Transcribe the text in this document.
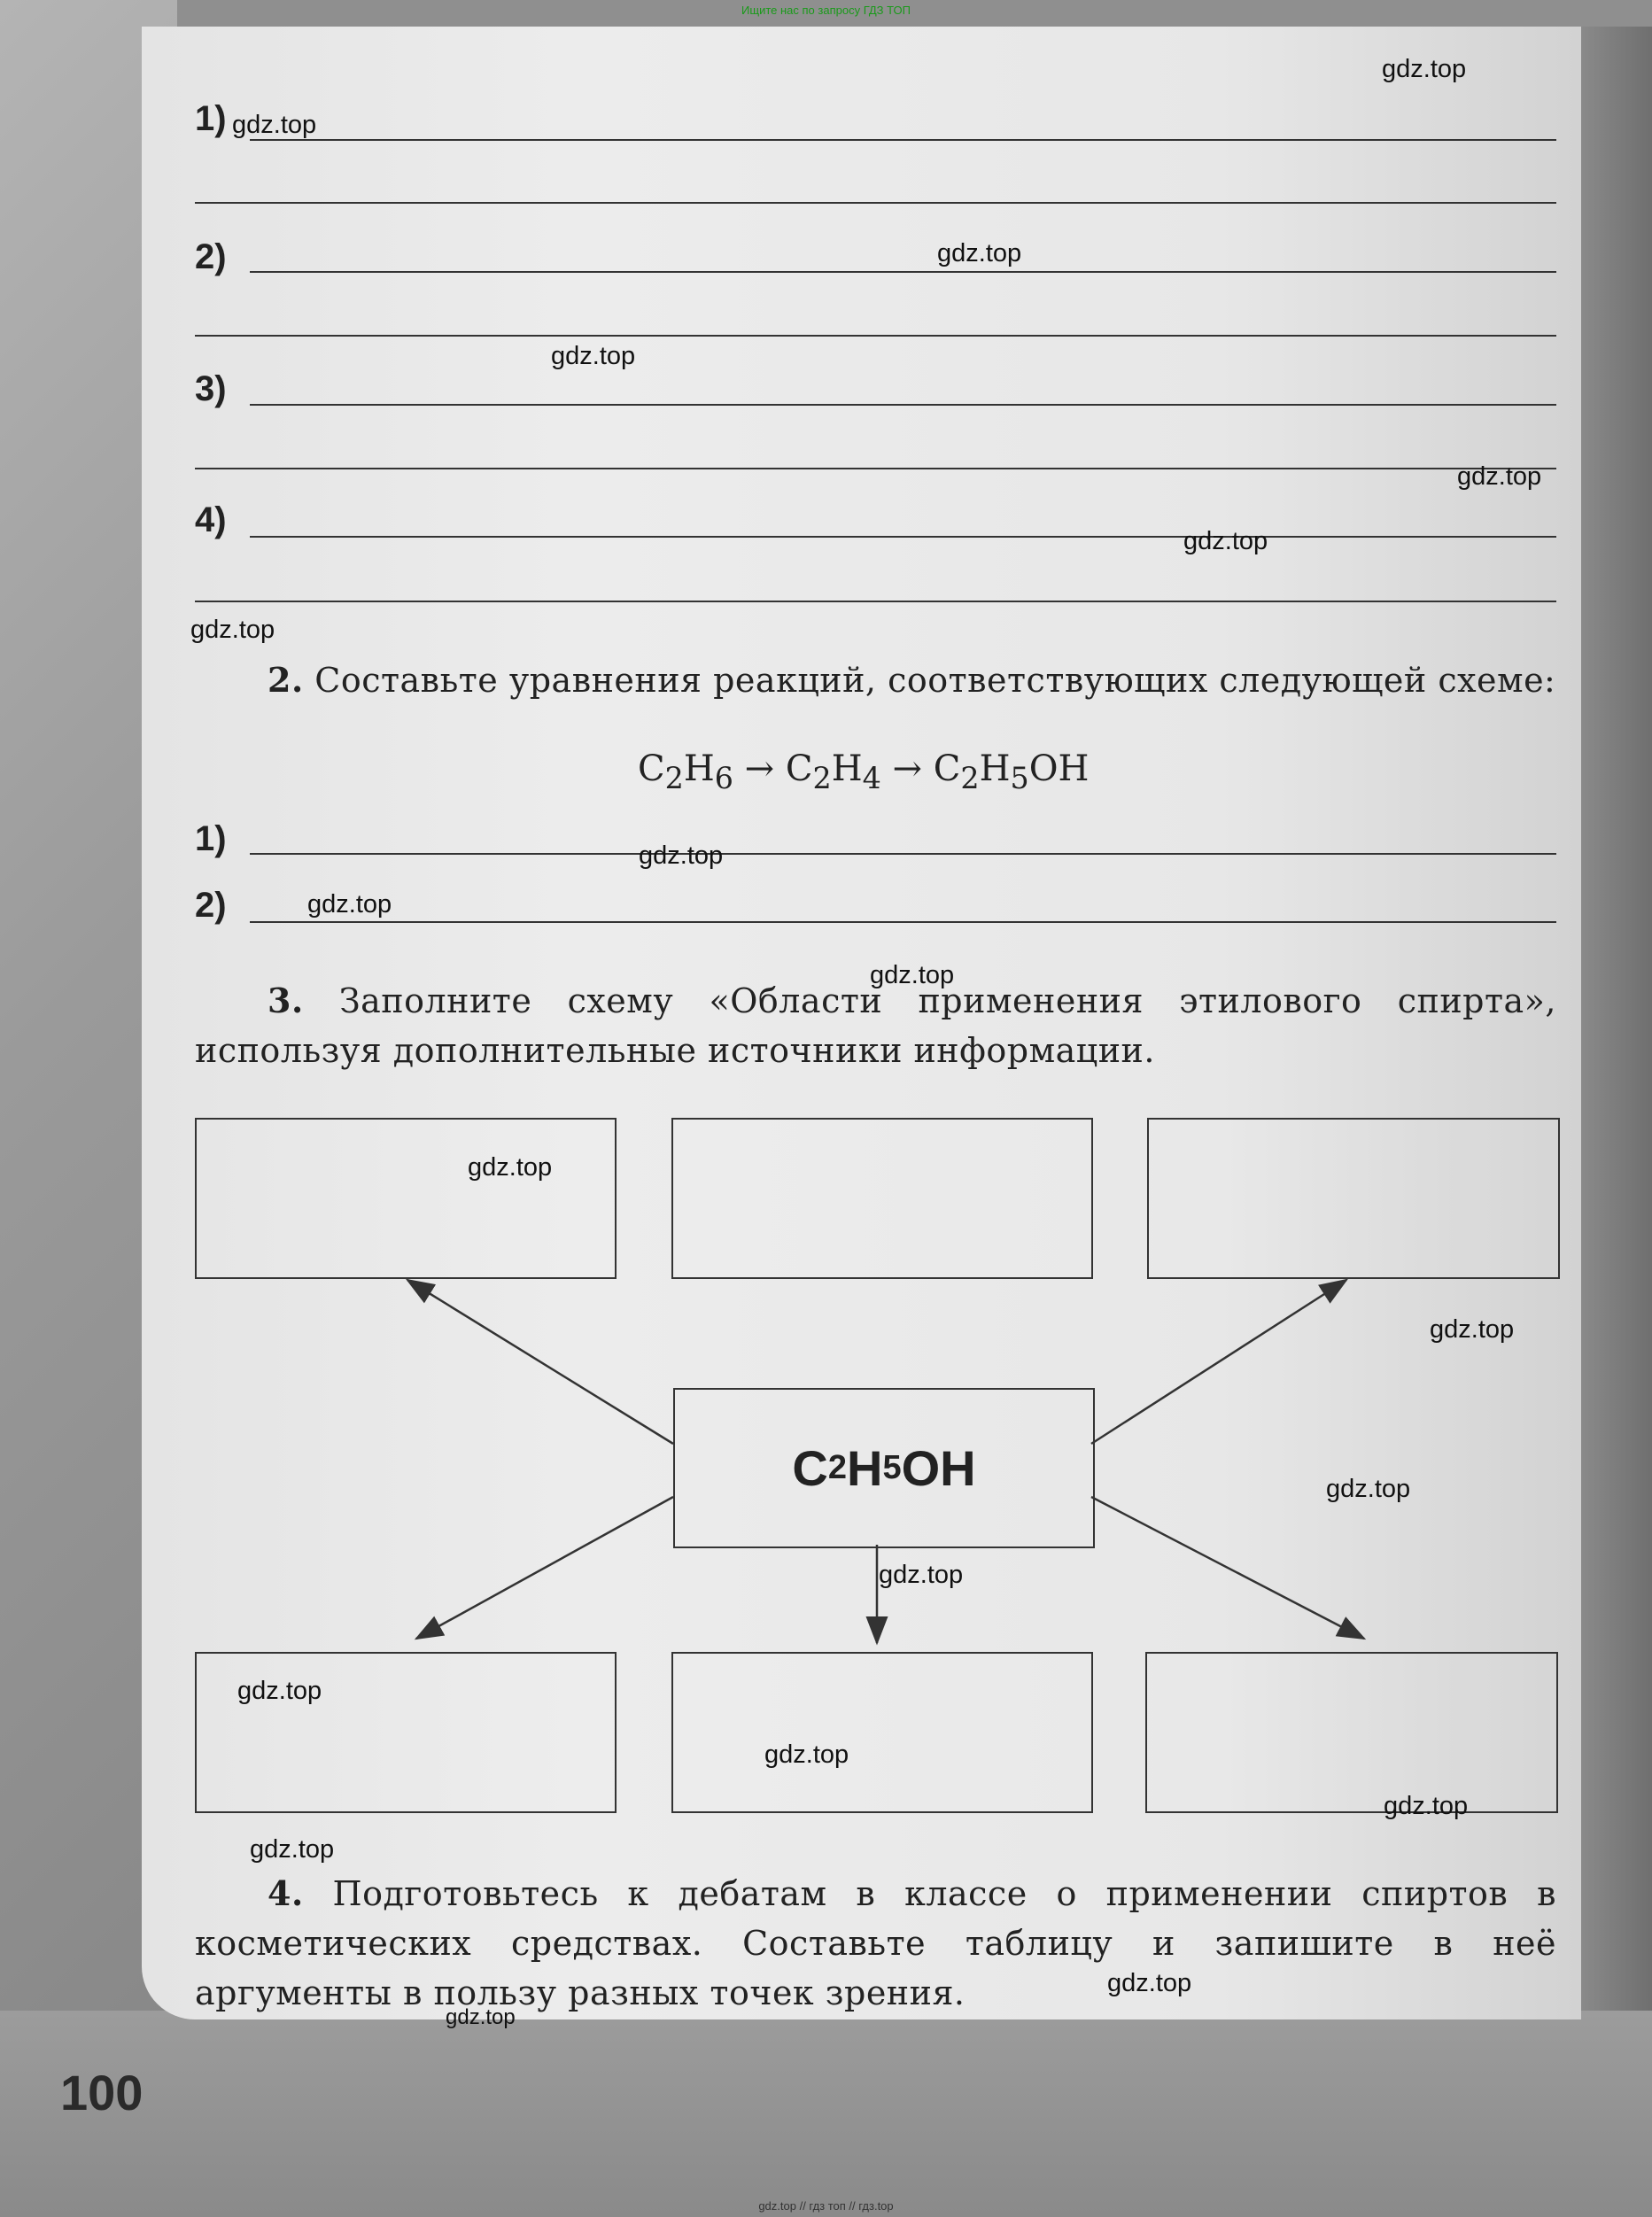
Ищите нас по запросу ГДЗ ТОП
1)
2)
3)
4)
2. Составьте уравнения реакций, соответствующих следующей схеме:
$C_2H_6 \to C_2H_4 \to C_2H_5OH$
1)
2)
3. Заполните схему «Области применения этилового спирта», используя дополнительные источники информации.
C 2 H 5 OH
4. Подготовьтесь к дебатам в классе о применении спиртов в косметических средствах. Составьте таблицу и запишите в неё аргументы в пользу разных точек зрения.
100
gdz.top
gdz.top
gdz.top
gdz.top
gdz.top
gdz.top
gdz.top
gdz.top
gdz.top
gdz.top
gdz.top
gdz.top
gdz.top
gdz.top
gdz.top
gdz.top
gdz.top
gdz.top
gdz.top
gdz.top
gdz.top // гдз топ // гдз.top
